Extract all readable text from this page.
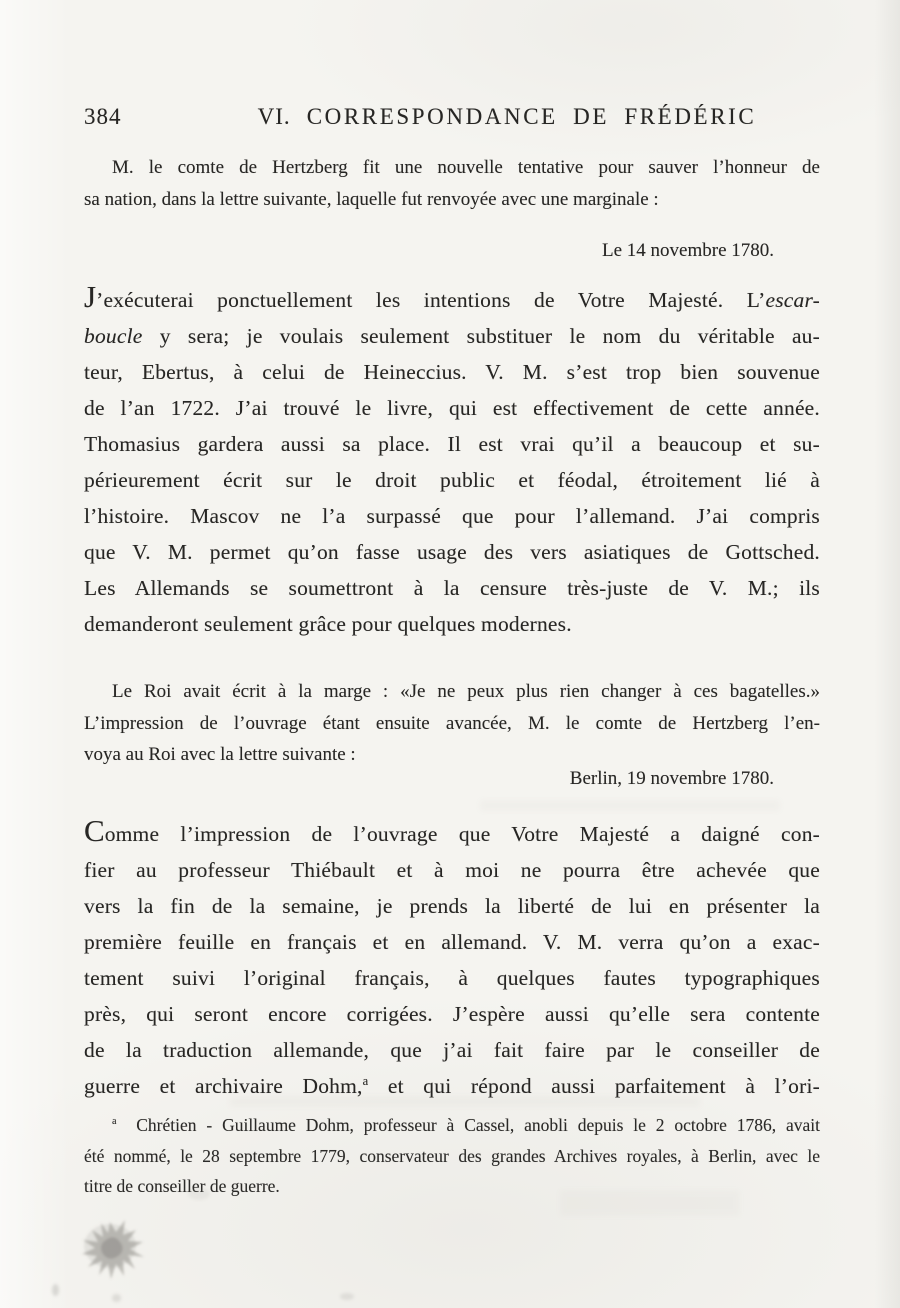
384	VI. CORRESPONDANCE DE FRÉDÉRIC
M. le comte de Hertzberg fit une nouvelle tentative pour sauver l’honneur de
sa nation, dans la lettre suivante, laquelle fut renvoyée avec une marginale :
Le 14 novembre 1780.
J’exécuterai ponctuellement les intentions de Votre Majesté. L’escar-
boucle y sera; je voulais seulement substituer le nom du véritable au-
teur, Ebertus, à celui de Heineccius. V. M. s’est trop bien souvenue
de l’an 1722. J’ai trouvé le livre, qui est effectivement de cette année.
Thomasius gardera aussi sa place. Il est vrai qu’il a beaucoup et su-
périeurement écrit sur le droit public et féodal, étroitement lié à
l’histoire. Mascov ne l’a surpassé que pour l’allemand. J’ai compris
que V. M. permet qu’on fasse usage des vers asiatiques de Gottsched.
Les Allemands se soumettront à la censure très-juste de V. M.; ils
demanderont seulement grâce pour quelques modernes.
Le Roi avait écrit à la marge : «Je ne peux plus rien changer à ces bagatelles.»
L’impression de l’ouvrage étant ensuite avancée, M. le comte de Hertzberg l’en-
voya au Roi avec la lettre suivante :
Berlin, 19 novembre 1780.
Comme l’impression de l’ouvrage que Votre Majesté a daigné con-
fier au professeur Thiébault et à moi ne pourra être achevée que
vers la fin de la semaine, je prends la liberté de lui en présenter la
première feuille en français et en allemand. V. M. verra qu’on a exac-
tement suivi l’original français, à quelques fautes typographiques
près, qui seront encore corrigées. J’espère aussi qu’elle sera contente
de la traduction allemande, que j’ai fait faire par le conseiller de
guerre et archivaire Dohm,$^a$ et qui répond aussi parfaitement à l’ori-
$^a$ Chrétien - Guillaume Dohm, professeur à Cassel, anobli depuis le 2 octobre 1786, avait
été nommé, le 28 septembre 1779, conservateur des grandes Archives royales, à Berlin, avec le
titre de conseiller de guerre.
